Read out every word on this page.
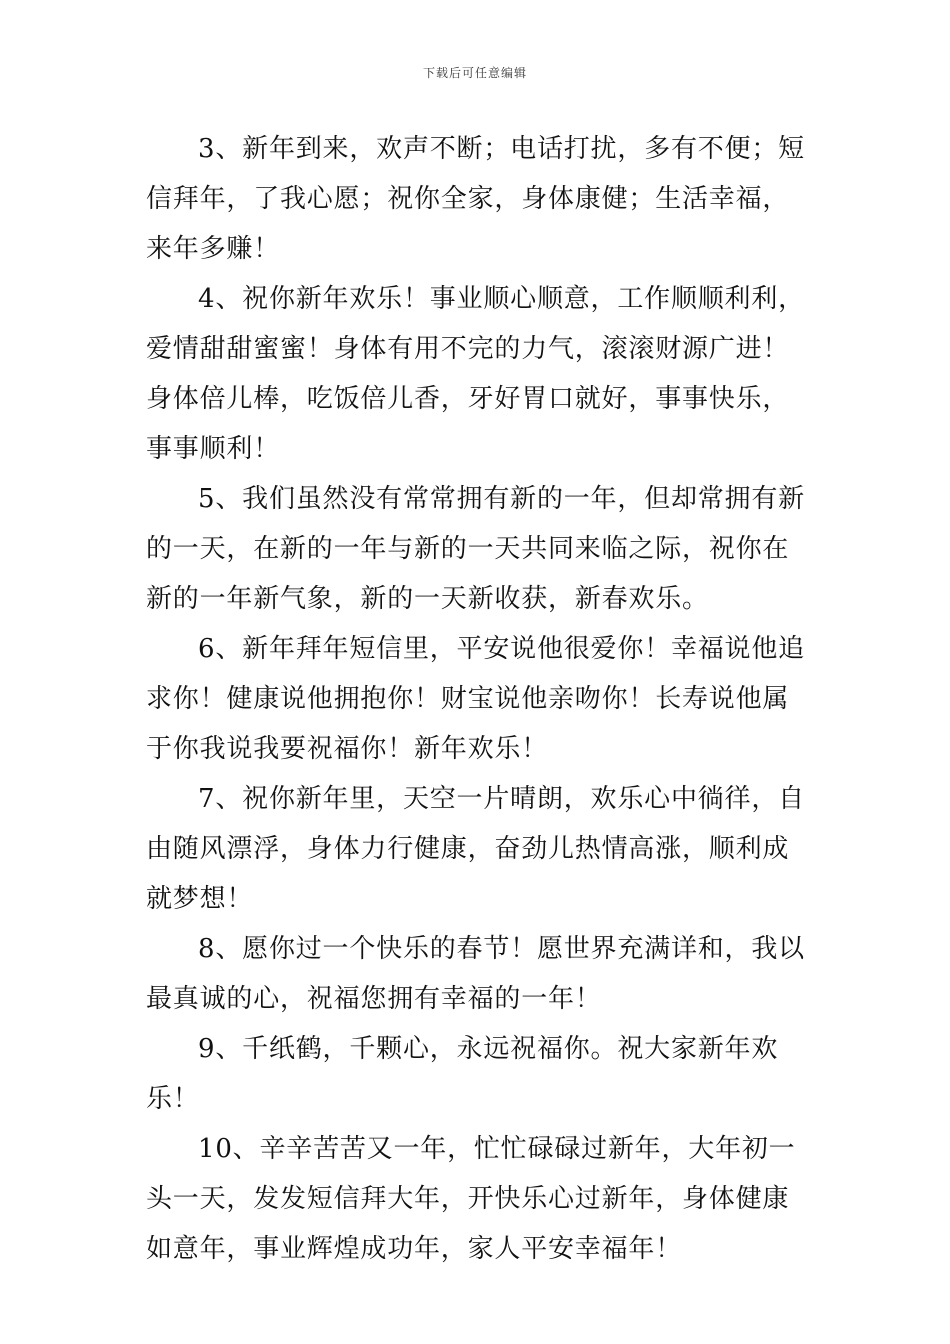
下载后可任意编辑

3、新年到来，欢声不断；电话打扰，多有不便；短信拜年，了我心愿；祝你全家，身体康健；生活幸福，来年多赚！

4、祝你新年欢乐！事业顺心顺意，工作顺顺利利，爱情甜甜蜜蜜！身体有用不完的力气，滚滚财源广进！身体倍儿棒，吃饭倍儿香，牙好胃口就好，事事快乐，事事顺利！

5、我们虽然没有常常拥有新的一年，但却常拥有新的一天，在新的一年与新的一天共同来临之际，祝你在新的一年新气象，新的一天新收获，新春欢乐。

6、新年拜年短信里，平安说他很爱你！幸福说他追求你！健康说他拥抱你！财宝说他亲吻你！长寿说他属于你我说我要祝福你！新年欢乐！

7、祝你新年里，天空一片晴朗，欢乐心中徜徉，自由随风漂浮，身体力行健康，奋劲儿热情高涨，顺利成就梦想！

8、愿你过一个快乐的春节！愿世界充满详和，我以最真诚的心，祝福您拥有幸福的一年！

9、千纸鹤，千颗心，永远祝福你。祝大家新年欢乐！

10、辛辛苦苦又一年，忙忙碌碌过新年，大年初一头一天，发发短信拜大年，开快乐心过新年，身体健康如意年，事业辉煌成功年，家人平安幸福年！
